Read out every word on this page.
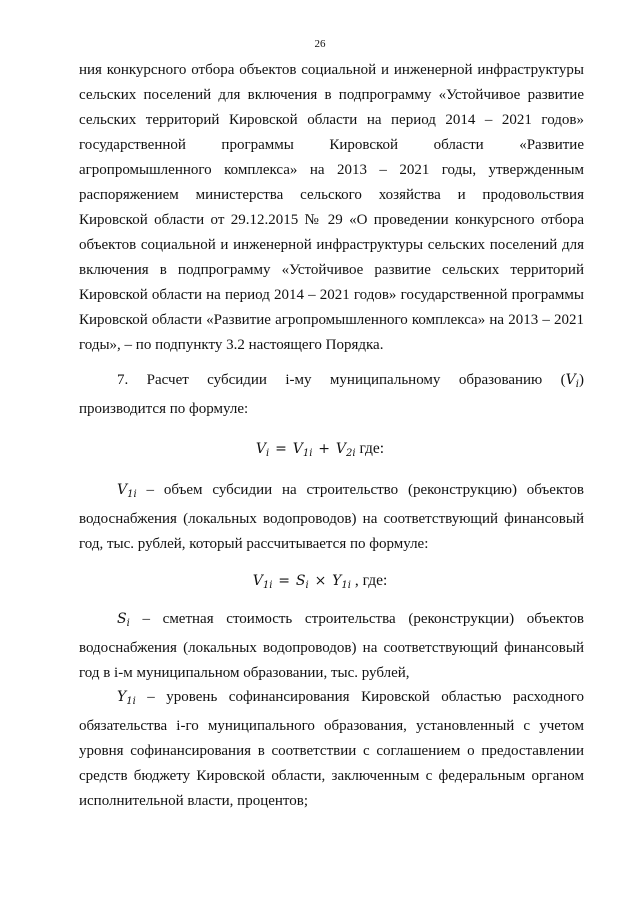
26

ния конкурсного отбора объектов социальной и инженерной инфраструктуры сельских поселений для включения в подпрограмму «Устойчивое развитие сельских территорий Кировской области на период 2014 – 2021 годов» государственной программы Кировской области «Развитие агропромышленного комплекса» на 2013 – 2021 годы, утвержденным распоряжением министерства сельского хозяйства и продовольствия Кировской области от 29.12.2015 № 29 «О проведении конкурсного отбора объектов социальной и инженерной инфраструктуры сельских поселений для включения в подпрограмму «Устойчивое развитие сельских территорий Кировской области на период 2014 – 2021 годов» государственной программы Кировской области «Развитие агропромышленного комплекса» на 2013 – 2021 годы», – по подпункту 3.2 настоящего Порядка.

7. Расчет субсидии i-му муниципальному образованию $(V_i)$ производится по формуле:

$V_i = V_{1i} + V_{2i}$ где:

$V_{1i}$ – объем субсидии на строительство (реконструкцию) объектов водоснабжения (локальных водопроводов) на соответствующий финансовый год, тыс. рублей, который рассчитывается по формуле:

$V_{1i} = S_i \times Y_{1i}$ , где:

$S_i$ – сметная стоимость строительства (реконструкции) объектов водоснабжения (локальных водопроводов) на соответствующий финансовый год в i-м муниципальном образовании, тыс. рублей,

$Y_{1i}$ – уровень софинансирования Кировской областью расходного обязательства i-го муниципального образования, установленный с учетом уровня софинансирования в соответствии с соглашением о предоставлении средств бюджету Кировской области, заключенным с федеральным органом исполнительной власти, процентов;
